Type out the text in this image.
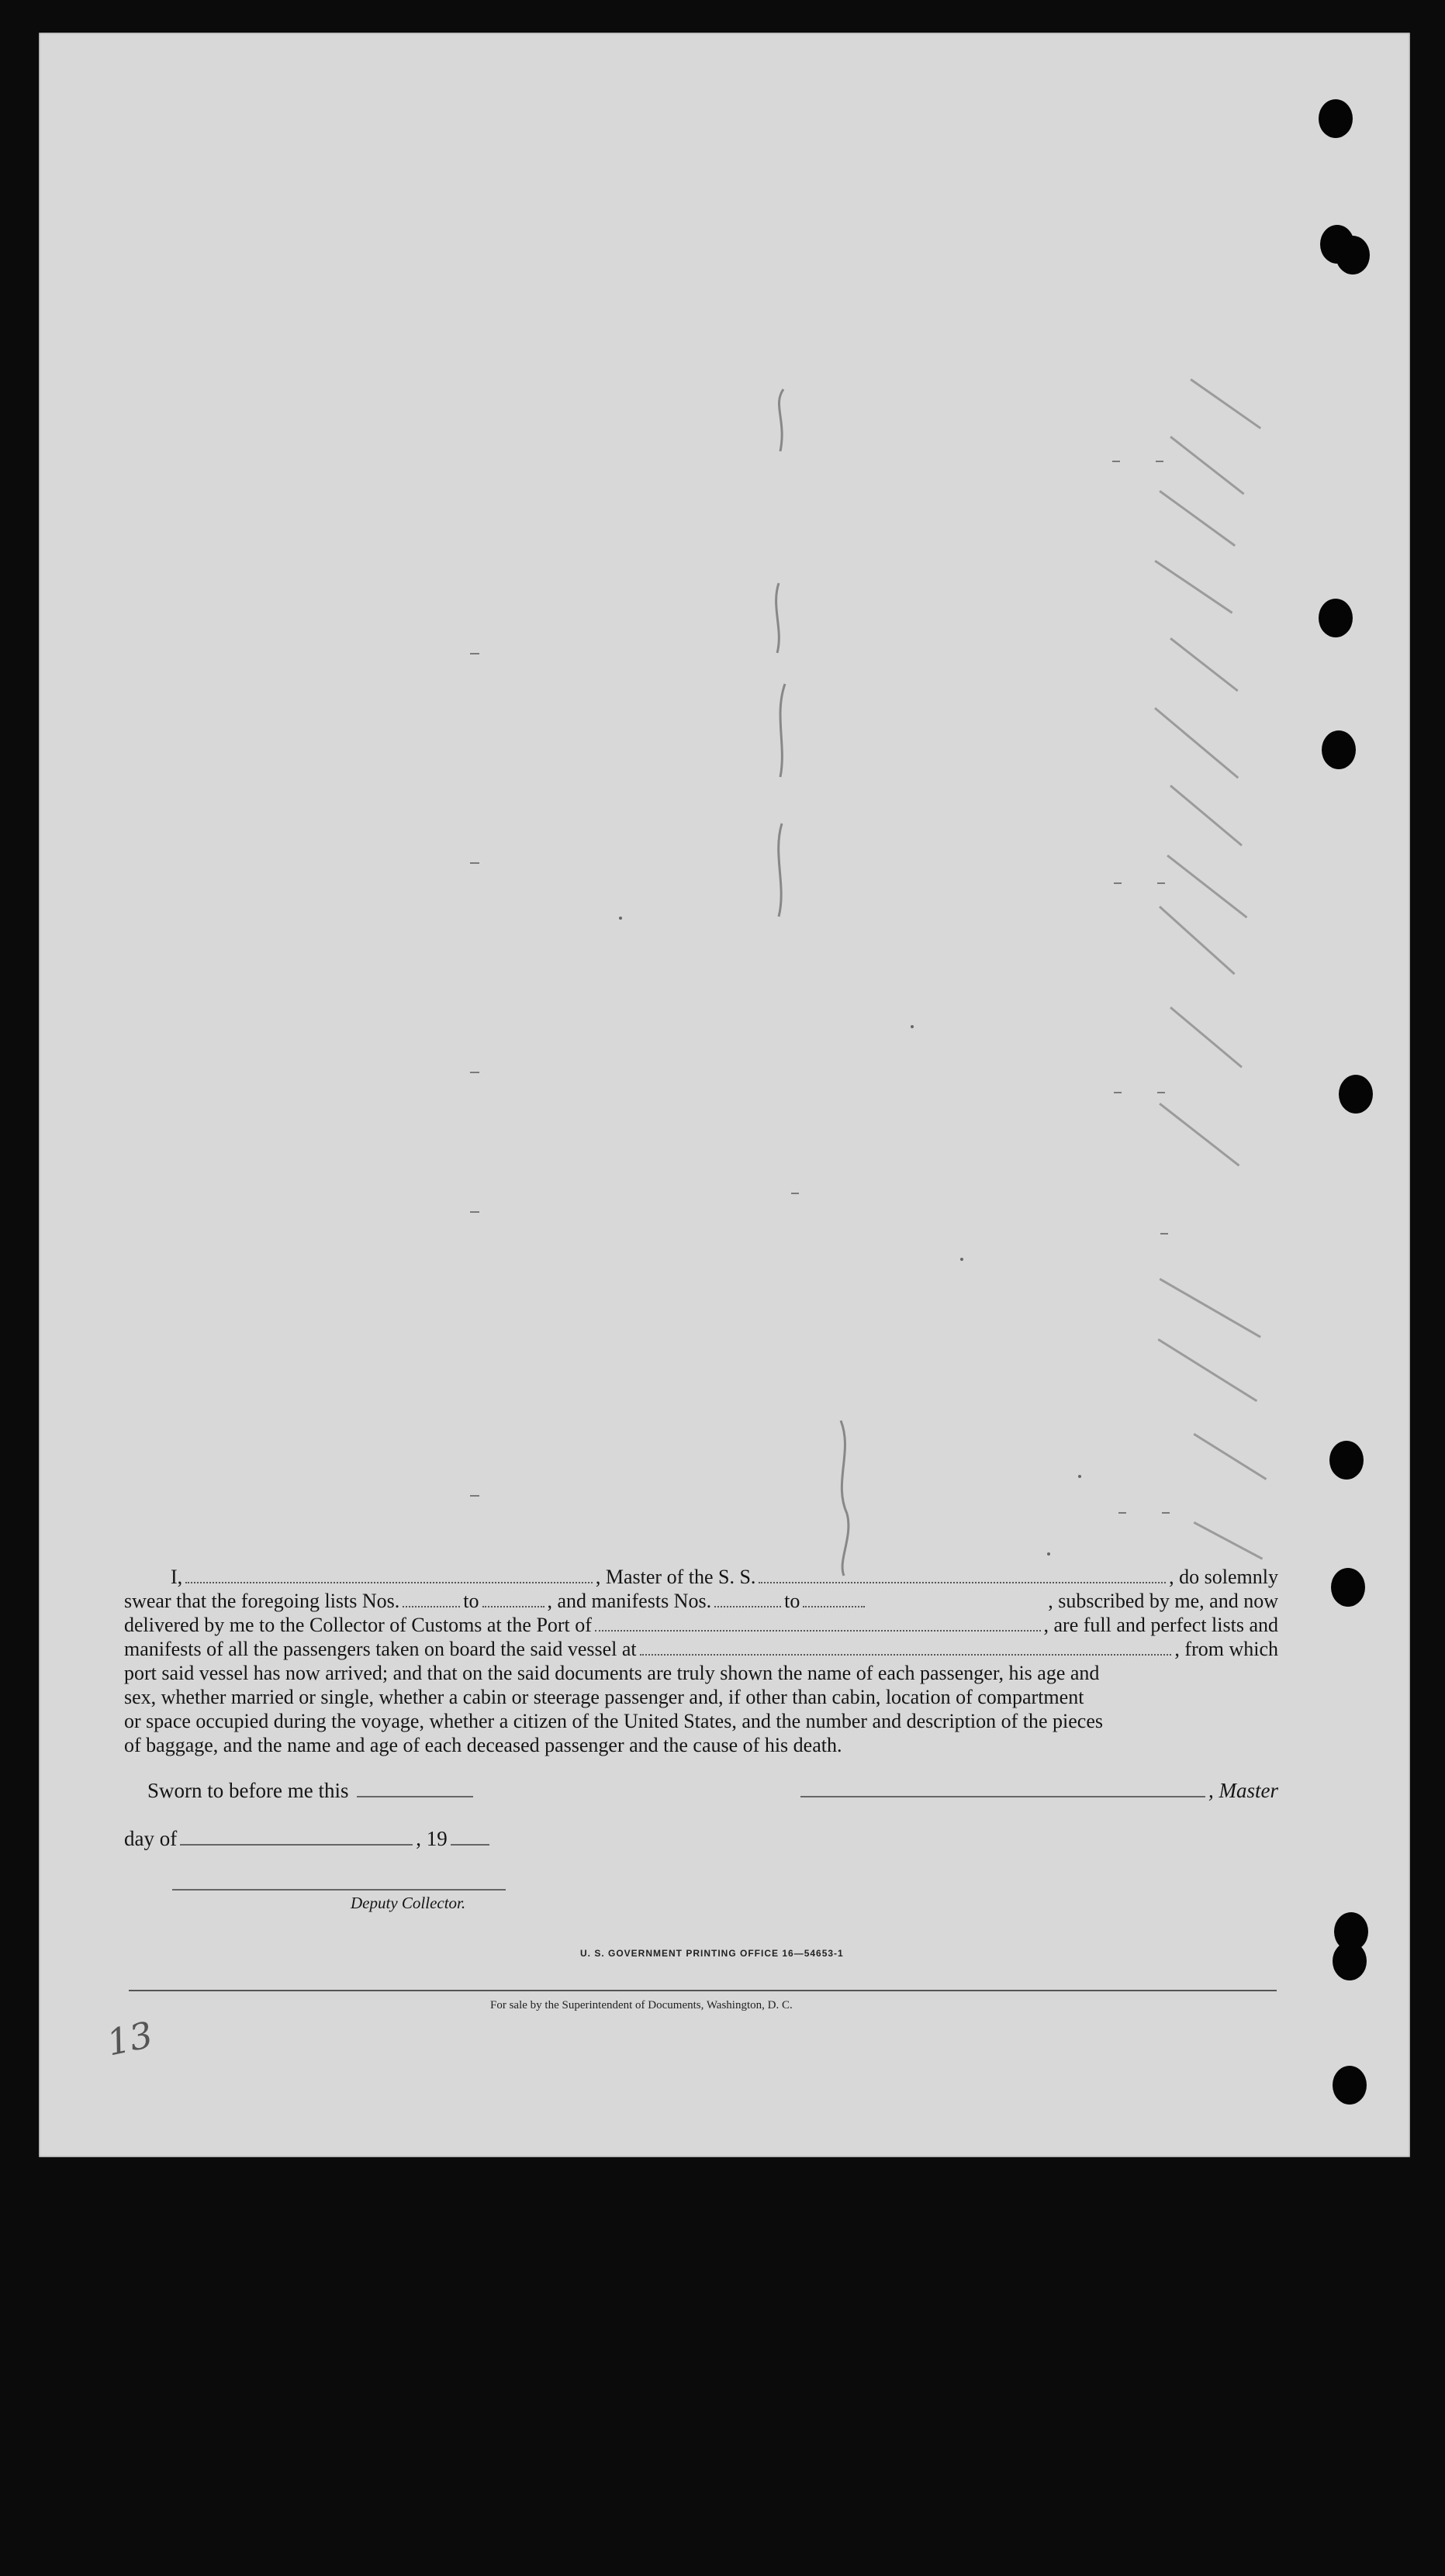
13
I,	, Master of the S. S.	, do solemnly
swear that the foregoing lists Nos.	to	, and manifests Nos.	to	, subscribed by me, and now
delivered by me to the Collector of Customs at the Port of	, are full and perfect lists and
manifests of all the passengers taken on board the said vessel at	, from which
port said vessel has now arrived; and that on the said documents are truly shown the name of each passenger, his age and
sex, whether married or single, whether a cabin or steerage passenger and, if other than cabin, location of compartment
or space occupied during the voyage, whether a citizen of the United States, and the number and description of the pieces
of baggage, and the name and age of each deceased passenger and the cause of his death.
Sworn to before me this	, Master
day of	, 19
Deputy Collector.
U. S. GOVERNMENT PRINTING OFFICE 16—54653-1
For sale by the Superintendent of Documents, Washington, D. C.
